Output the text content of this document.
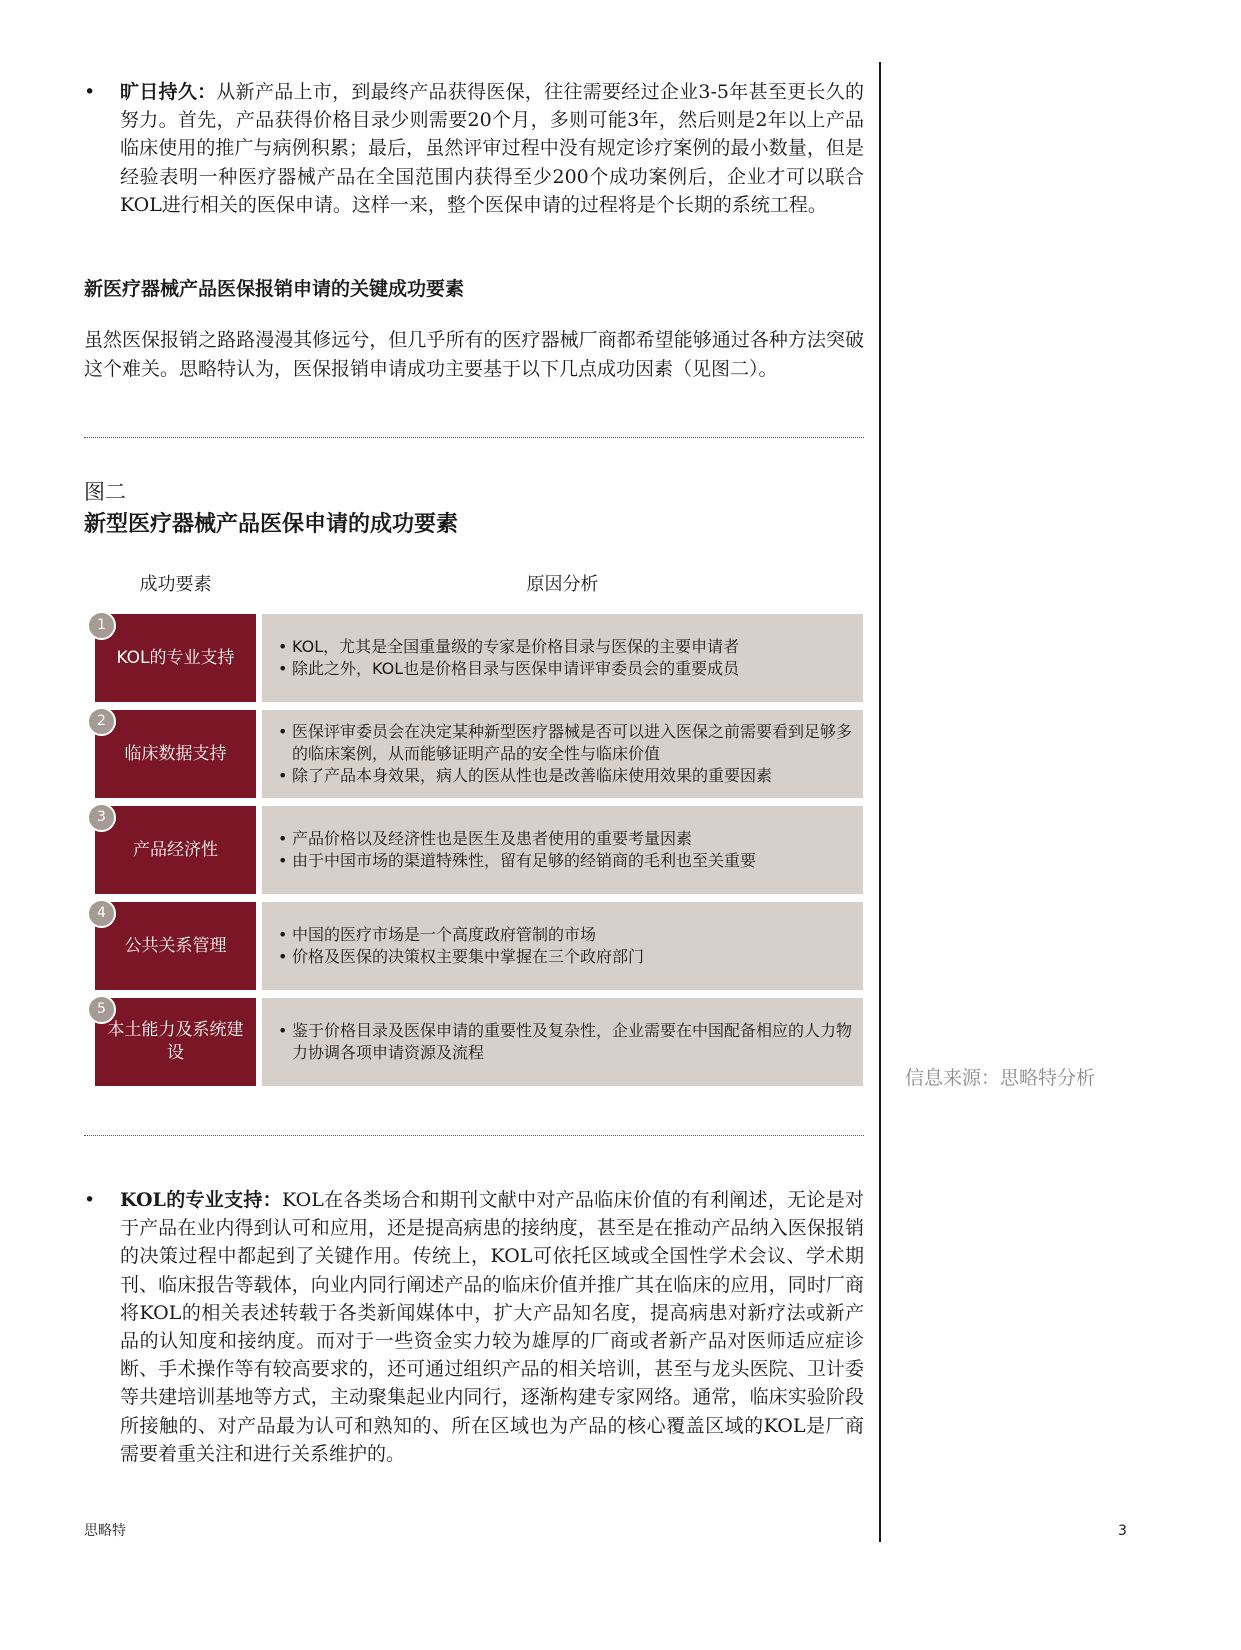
•	旷日持久：从新产品上市，到最终产品获得医保，往往需要经过企业3-5年甚至更长久的努力。首先，产品获得价格目录少则需要20个月，多则可能3年，然后则是2年以上产品临床使用的推广与病例积累；最后，虽然评审过程中没有规定诊疗案例的最小数量，但是经验表明一种医疗器械产品在全国范围内获得至少200个成功案例后，企业才可以联合KOL进行相关的医保申请。这样一来，整个医保申请的过程将是个长期的系统工程。
新医疗器械产品医保报销申请的关键成功要素
虽然医保报销之路路漫漫其修远兮，但几乎所有的医疗器械厂商都希望能够通过各种方法突破这个难关。思略特认为，医保报销申请成功主要基于以下几点成功因素（见图二）。
图二
新型医疗器械产品医保申请的成功要素
成功要素	原因分析
KOL的专业支持
• KOL，尤其是全国重量级的专家是价格目录与医保的主要申请者
• 除此之外，KOL也是价格目录与医保申请评审委员会的重要成员
1
临床数据支持
• 医保评审委员会在决定某种新型医疗器械是否可以进入医保之前需要看到足够多的临床案例，从而能够证明产品的安全性与临床价值
• 除了产品本身效果，病人的医从性也是改善临床使用效果的重要因素
2
产品经济性
• 产品价格以及经济性也是医生及患者使用的重要考量因素
• 由于中国市场的渠道特殊性，留有足够的经销商的毛利也至关重要
3
公共关系管理
• 中国的医疗市场是一个高度政府管制的市场
• 价格及医保的决策权主要集中掌握在三个政府部门
4
本土能力及系统建设
• 鉴于价格目录及医保申请的重要性及复杂性，企业需要在中国配备相应的人力物力协调各项申请资源及流程
5
信息来源：思略特分析
•	KOL的专业支持：KOL在各类场合和期刊文献中对产品临床价值的有利阐述，无论是对于产品在业内得到认可和应用，还是提高病患的接纳度，甚至是在推动产品纳入医保报销的决策过程中都起到了关键作用。传统上，KOL可依托区域或全国性学术会议、学术期刊、临床报告等载体，向业内同行阐述产品的临床价值并推广其在临床的应用，同时厂商将KOL的相关表述转载于各类新闻媒体中，扩大产品知名度，提高病患对新疗法或新产品的认知度和接纳度。而对于一些资金实力较为雄厚的厂商或者新产品对医师适应症诊断、手术操作等有较高要求的，还可通过组织产品的相关培训，甚至与龙头医院、卫计委等共建培训基地等方式，主动聚集起业内同行，逐渐构建专家网络。通常，临床实验阶段所接触的、对产品最为认可和熟知的、所在区域也为产品的核心覆盖区域的KOL是厂商需要着重关注和进行关系维护的。
思略特	3
